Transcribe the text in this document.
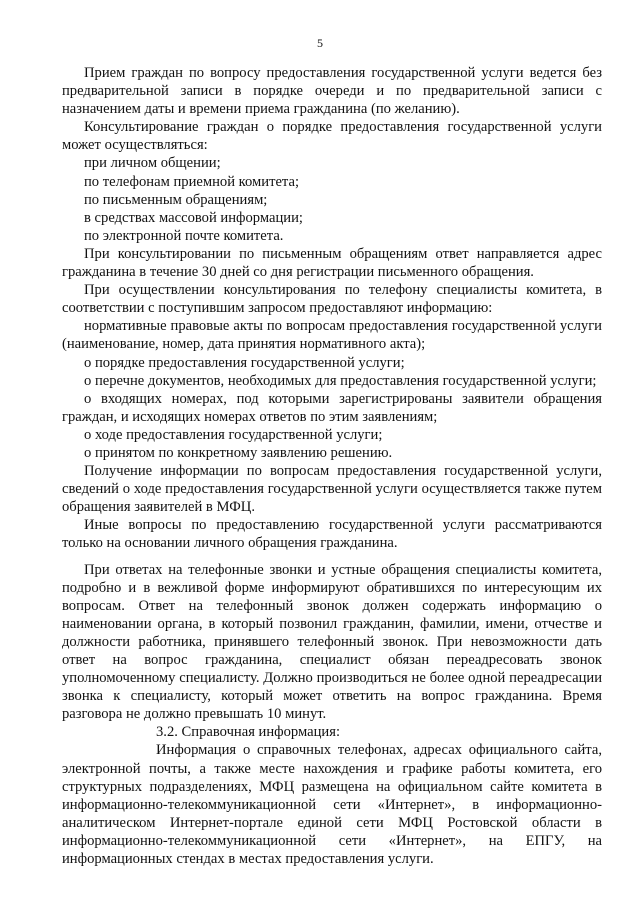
5

Прием граждан по вопросу предоставления государственной услуги ведется без предварительной записи в порядке очереди и по предварительной записи с назначением даты и времени приема гражданина (по желанию).

Консультирование граждан о порядке предоставления государственной услуги может осуществляться:

при личном общении;

по телефонам приемной комитета;

по письменным обращениям;

в средствах массовой информации;

по электронной почте комитета.

При консультировании по письменным обращениям ответ направляется адрес гражданина в течение 30 дней со дня регистрации письменного обращения.

При осуществлении консультирования по телефону специалисты комитета, в соответствии с поступившим запросом предоставляют информацию:

нормативные правовые акты по вопросам предоставления государственной услуги (наименование, номер, дата принятия нормативного акта);

о порядке предоставления государственной услуги;

о перечне документов, необходимых для предоставления государственной услуги;

о входящих номерах, под которыми зарегистрированы заявители обращения граждан, и исходящих номерах ответов по этим заявлениям;

о ходе предоставления государственной услуги;

о принятом по конкретному заявлению решению.

Получение информации по вопросам предоставления государственной услуги, сведений о ходе предоставления государственной услуги осуществляется также путем обращения заявителей в МФЦ.

Иные вопросы по предоставлению государственной услуги рассматриваются только на основании личного обращения гражданина.

При ответах на телефонные звонки и устные обращения специалисты комитета, подробно и в вежливой форме информируют обратившихся по интересующим их вопросам. Ответ на телефонный звонок должен содержать информацию о наименовании органа, в который позвонил гражданин, фамилии, имени, отчестве и должности работника, принявшего телефонный звонок. При невозможности дать ответ на вопрос гражданина, специалист обязан переадресовать звонок уполномоченному специалисту. Должно производиться не более одной переадресации звонка к специалисту, который может ответить на вопрос гражданина. Время разговора не должно превышать 10 минут.

3.2. Справочная информация:

Информация о справочных телефонах, адресах официального сайта, электронной почты, а также месте нахождения и графике работы комитета, его структурных подразделениях, МФЦ размещена на официальном сайте комитета в информационно-телекоммуникационной сети «Интернет», в информационно-аналитическом Интернет-портале единой сети МФЦ Ростовской области в информационно-телекоммуникационной сети «Интернет», на ЕПГУ, на информационных стендах в местах предоставления услуги.
